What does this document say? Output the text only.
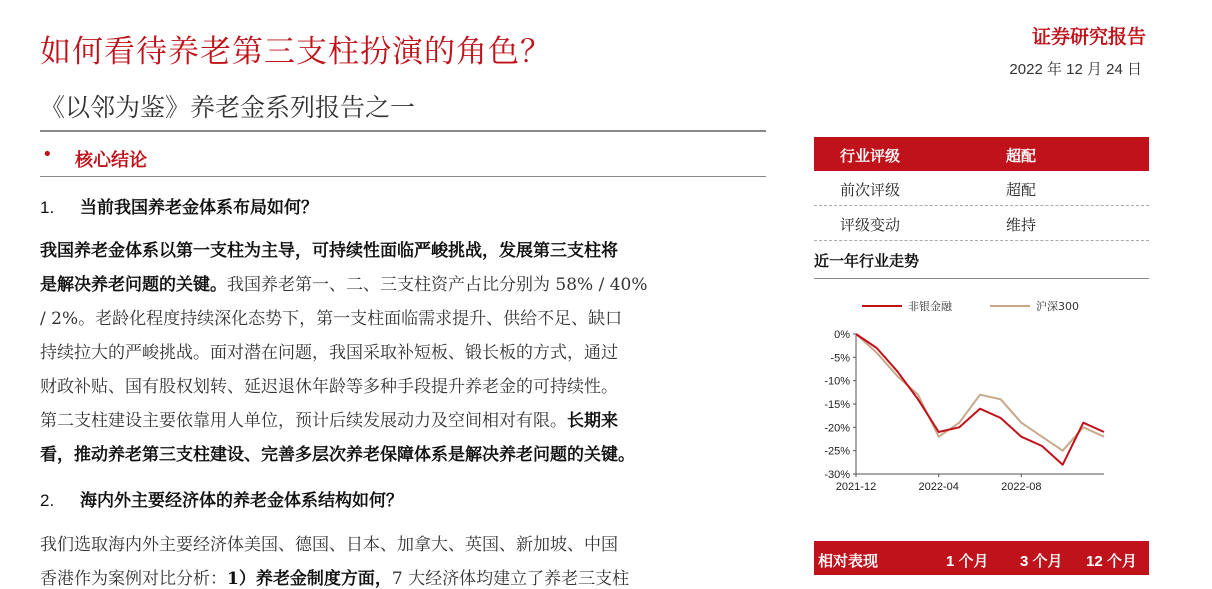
如何看待养老第三支柱扮演的角色？
《以邻为鉴》养老金系列报告之一
证券研究报告
2022 年 12 月 24 日
• 核心结论
1. 当前我国养老金体系布局如何？
我国养老金体系以第一支柱为主导，可持续性面临严峻挑战，发展第三支柱将
是解决养老问题的关键。我国养老第一、二、三支柱资产占比分别为 58% / 40%
/ 2%。老龄化程度持续深化态势下，第一支柱面临需求提升、供给不足、缺口
持续拉大的严峻挑战。面对潜在问题，我国采取补短板、锻长板的方式，通过
财政补贴、国有股权划转、延迟退休年龄等多种手段提升养老金的可持续性。
第二支柱建设主要依靠用人单位，预计后续发展动力及空间相对有限。长期来
看，推动养老第三支柱建设、完善多层次养老保障体系是解决养老问题的关键。
2. 海内外主要经济体的养老金体系结构如何？
我们选取海内外主要经济体美国、德国、日本、加拿大、英国、新加坡、中国
香港作为案例对比分析：1）养老金制度方面，7 大经济体均建立了养老三支柱
行业评级	超配
前次评级	超配
评级变动	维持
近一年行业走势
非银金融	沪深300
0%
-5%
-10%
-15%
-20%
-25%
-30%
2021-12	2022-04	2022-08
相对表现	1 个月 3 个月 12 个月
